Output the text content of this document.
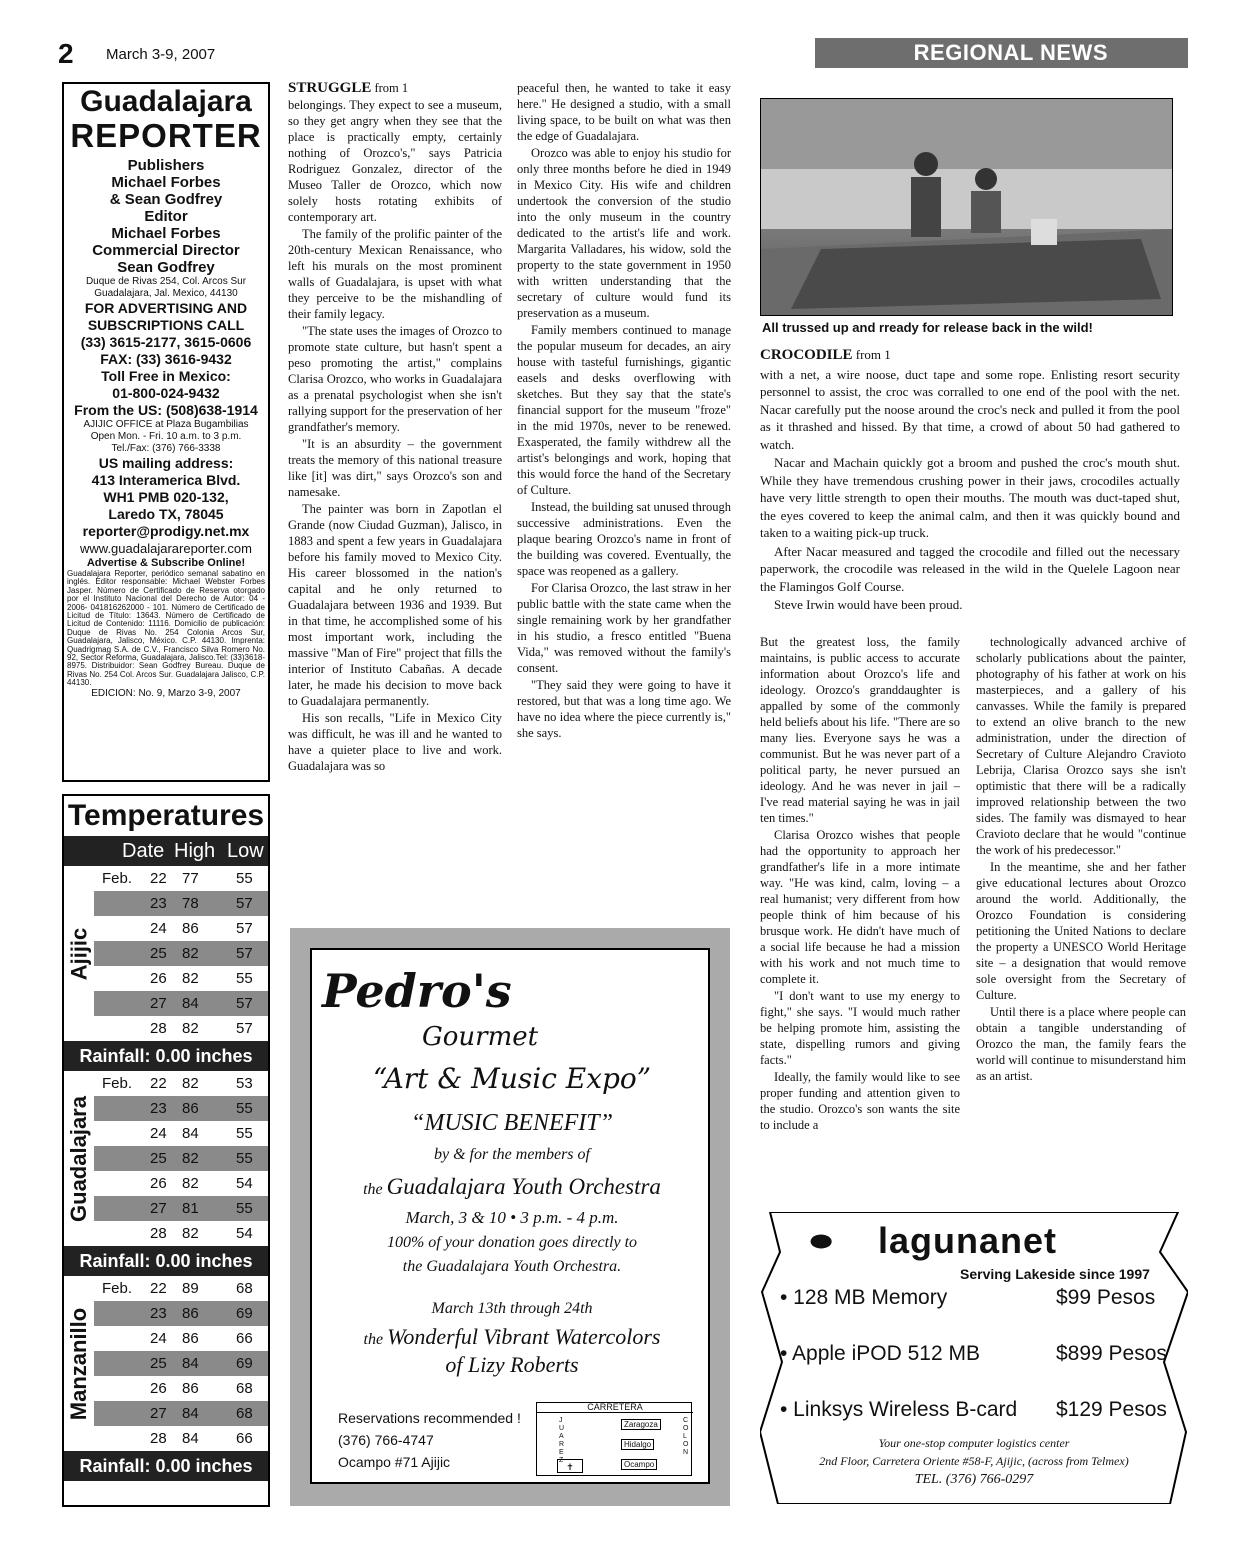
2 March 3-9, 2007	REGIONAL NEWS
Guadalajara
REPORTER
Publishers
Michael Forbes
& Sean Godfrey
Editor
Michael Forbes
Commercial Director
Sean Godfrey
Duque de Rivas 254, Col. Arcos Sur
Guadalajara, Jal. Mexico, 44130
FOR ADVERTISING AND
SUBSCRIPTIONS CALL
(33) 3615-2177, 3615-0606
FAX: (33) 3616-9432
Toll Free in Mexico:
01-800-024-9432
From the US: (508)638-1914
AJIJIC OFFICE at Plaza Bugambilias
Open Mon. - Fri. 10 a.m. to 3 p.m.
Tel./Fax: (376) 766-3338
US mailing address:
413 Interamerica Blvd.
WH1 PMB 020-132,
Laredo TX, 78045
reporter@prodigy.net.mx
www.guadalajarareporter.com
Advertise & Subscribe Online!
Guadalajara Reporter, periódico semanal sabatino en inglés. Editor responsable: Michael Webster Forbes Jasper. Número de Certificado de Reserva otorgado por el Instituto Nacional del Derecho de Autor: 04 - 2006- 041816262000 - 101. Número de Certificado de Licitud de Título: 13643. Número de Certificado de Licitud de Contenido: 11116. Domicilio de publicación: Duque de Rivas No. 254 Colonia Arcos Sur, Guadalajara, Jalisco, México. C.P. 44130. Imprenta: Quadrigmag S.A. de C.V., Francisco Silva Romero No. 92, Sector Reforma, Guadalajara, Jalisco.Tel: (33)3618-8975. Distribuidor: Sean Godfrey Bureau. Duque de Rivas No. 254 Col. Arcos Sur. Guadalajara Jalisco, C.P. 44130.
EDICION: No. 9, Marzo 3-9, 2007
Temperatures
Date High Low
Ajijic
Feb. 22 77 55
23 78 57
24 86 57
25 82 57
26 82 55
27 84 57
28 82 57
Rainfall: 0.00 inches
Guadalajara
Feb. 22 82 53
23 86 55
24 84 55
25 82 55
26 82 54
27 81 55
28 82 54
Rainfall: 0.00 inches
Manzanillo
Feb. 22 89 68
23 86 69
24 86 66
25 84 69
26 86 68
27 84 68
28 84 66
Rainfall: 0.00 inches

STRUGGLE from 1

belongings. They expect to see a museum, so they get angry when they see that the place is practically empty, certainly nothing of Orozco's," says Patricia Rodriguez Gonzalez, director of the Museo Taller de Orozco, which now solely hosts rotating exhibits of contemporary art.

The family of the prolific painter of the 20th-century Mexican Renaissance, who left his murals on the most prominent walls of Guadalajara, is upset with what they perceive to be the mishandling of their family legacy.

"The state uses the images of Orozco to promote state culture, but hasn't spent a peso promoting the artist," complains Clarisa Orozco, who works in Guadalajara as a prenatal psychologist when she isn't rallying support for the preservation of her grandfather's memory.

"It is an absurdity – the government treats the memory of this national treasure like [it] was dirt," says Orozco's son and namesake.

The painter was born in Zapotlan el Grande (now Ciudad Guzman), Jalisco, in 1883 and spent a few years in Guadalajara before his family moved to Mexico City. His career blossomed in the nation's capital and he only returned to Guadalajara between 1936 and 1939. But in that time, he accomplished some of his most important work, including the massive "Man of Fire" project that fills the interior of Instituto Cabañas. A decade later, he made his decision to move back to Guadalajara permanently.

His son recalls, "Life in Mexico City was difficult, he was ill and he wanted to have a quieter place to live and work. Guadalajara was so

peaceful then, he wanted to take it easy here." He designed a studio, with a small living space, to be built on what was then the edge of Guadalajara.

Orozco was able to enjoy his studio for only three months before he died in 1949 in Mexico City. His wife and children undertook the conversion of the studio into the only museum in the country dedicated to the artist's life and work. Margarita Valladares, his widow, sold the property to the state government in 1950 with written understanding that the secretary of culture would fund its preservation as a museum.

Family members continued to manage the popular museum for decades, an airy house with tasteful furnishings, gigantic easels and desks overflowing with sketches. But they say that the state's financial support for the museum "froze" in the mid 1970s, never to be renewed. Exasperated, the family withdrew all the artist's belongings and work, hoping that this would force the hand of the Secretary of Culture.

Instead, the building sat unused through successive administrations. Even the plaque bearing Orozco's name in front of the building was covered. Eventually, the space was reopened as a gallery.

For Clarisa Orozco, the last straw in her public battle with the state came when the single remaining work by her grandfather in his studio, a fresco entitled "Buena Vida," was removed without the family's consent.

"They said they were going to have it restored, but that was a long time ago. We have no idea where the piece currently is," she says.

All trussed up and rready for release back in the wild!

CROCODILE from 1

with a net, a wire noose, duct tape and some rope. Enlisting resort security personnel to assist, the croc was corralled to one end of the pool with the net. Nacar carefully put the noose around the croc's neck and pulled it from the pool as it thrashed and hissed. By that time, a crowd of about 50 had gathered to watch.

Nacar and Machain quickly got a broom and pushed the croc's mouth shut. While they have tremendous crushing power in their jaws, crocodiles actually have very little strength to open their mouths. The mouth was duct-taped shut, the eyes covered to keep the animal calm, and then it was quickly bound and taken to a waiting pick-up truck.

After Nacar measured and tagged the crocodile and filled out the necessary paperwork, the crocodile was released in the wild in the Quelele Lagoon near the Flamingos Golf Course.

Steve Irwin would have been proud.

But the greatest loss, the family maintains, is public access to accurate information about Orozco's life and ideology. Orozco's granddaughter is appalled by some of the commonly held beliefs about his life. "There are so many lies. Everyone says he was a communist. But he was never part of a political party, he never pursued an ideology. And he was never in jail – I've read material saying he was in jail ten times."

Clarisa Orozco wishes that people had the opportunity to approach her grandfather's life in a more intimate way. "He was kind, calm, loving – a real humanist; very different from how people think of him because of his brusque work. He didn't have much of a social life because he had a mission with his work and not much time to complete it.

"I don't want to use my energy to fight," she says. "I would much rather be helping promote him, assisting the state, dispelling rumors and giving facts."

Ideally, the family would like to see proper funding and attention given to the studio. Orozco's son wants the site to include a

technologically advanced archive of scholarly publications about the painter, photography of his father at work on his masterpieces, and a gallery of his canvasses. While the family is prepared to extend an olive branch to the new administration, under the direction of Secretary of Culture Alejandro Cravioto Lebrija, Clarisa Orozco says she isn't optimistic that there will be a radically improved relationship between the two sides. The family was dismayed to hear Cravioto declare that he would "continue the work of his predecessor."

In the meantime, she and her father give educational lectures about Orozco around the world. Additionally, the Orozco Foundation is considering petitioning the United Nations to declare the property a UNESCO World Heritage site – a designation that would remove sole oversight from the Secretary of Culture.

Until there is a place where people can obtain a tangible understanding of Orozco the man, the family fears the world will continue to misunderstand him as an artist.

Pedro's
Gourmet
“Art & Music Expo”
“MUSIC BENEFIT”
by & for the members of
the Guadalajara Youth Orchestra
March, 3 & 10 • 3 p.m. - 4 p.m.
100% of your donation goes directly to
the Guadalajara Youth Orchestra.
March 13th through 24th
the Wonderful Vibrant Watercolors
of Lizy Roberts
Reservations recommended !
(376) 766-4747
Ocampo #71 Ajijic
CARRETERA
JUAREZ
COLON
Zaragoza
Hidalgo
Ocampo
✝
⬬ lagunanet
Serving Lakeside since 1997
Your one-stop computer logistics center
2nd Floor, Carretera Oriente #58-F, Ajijic, (across from Telmex)
TEL. (376) 766-0297
• 128 MB Memory	$99 Pesos
• Apple iPOD 512 MB	$899 Pesos
• Linksys Wireless B-card $129 Pesos
